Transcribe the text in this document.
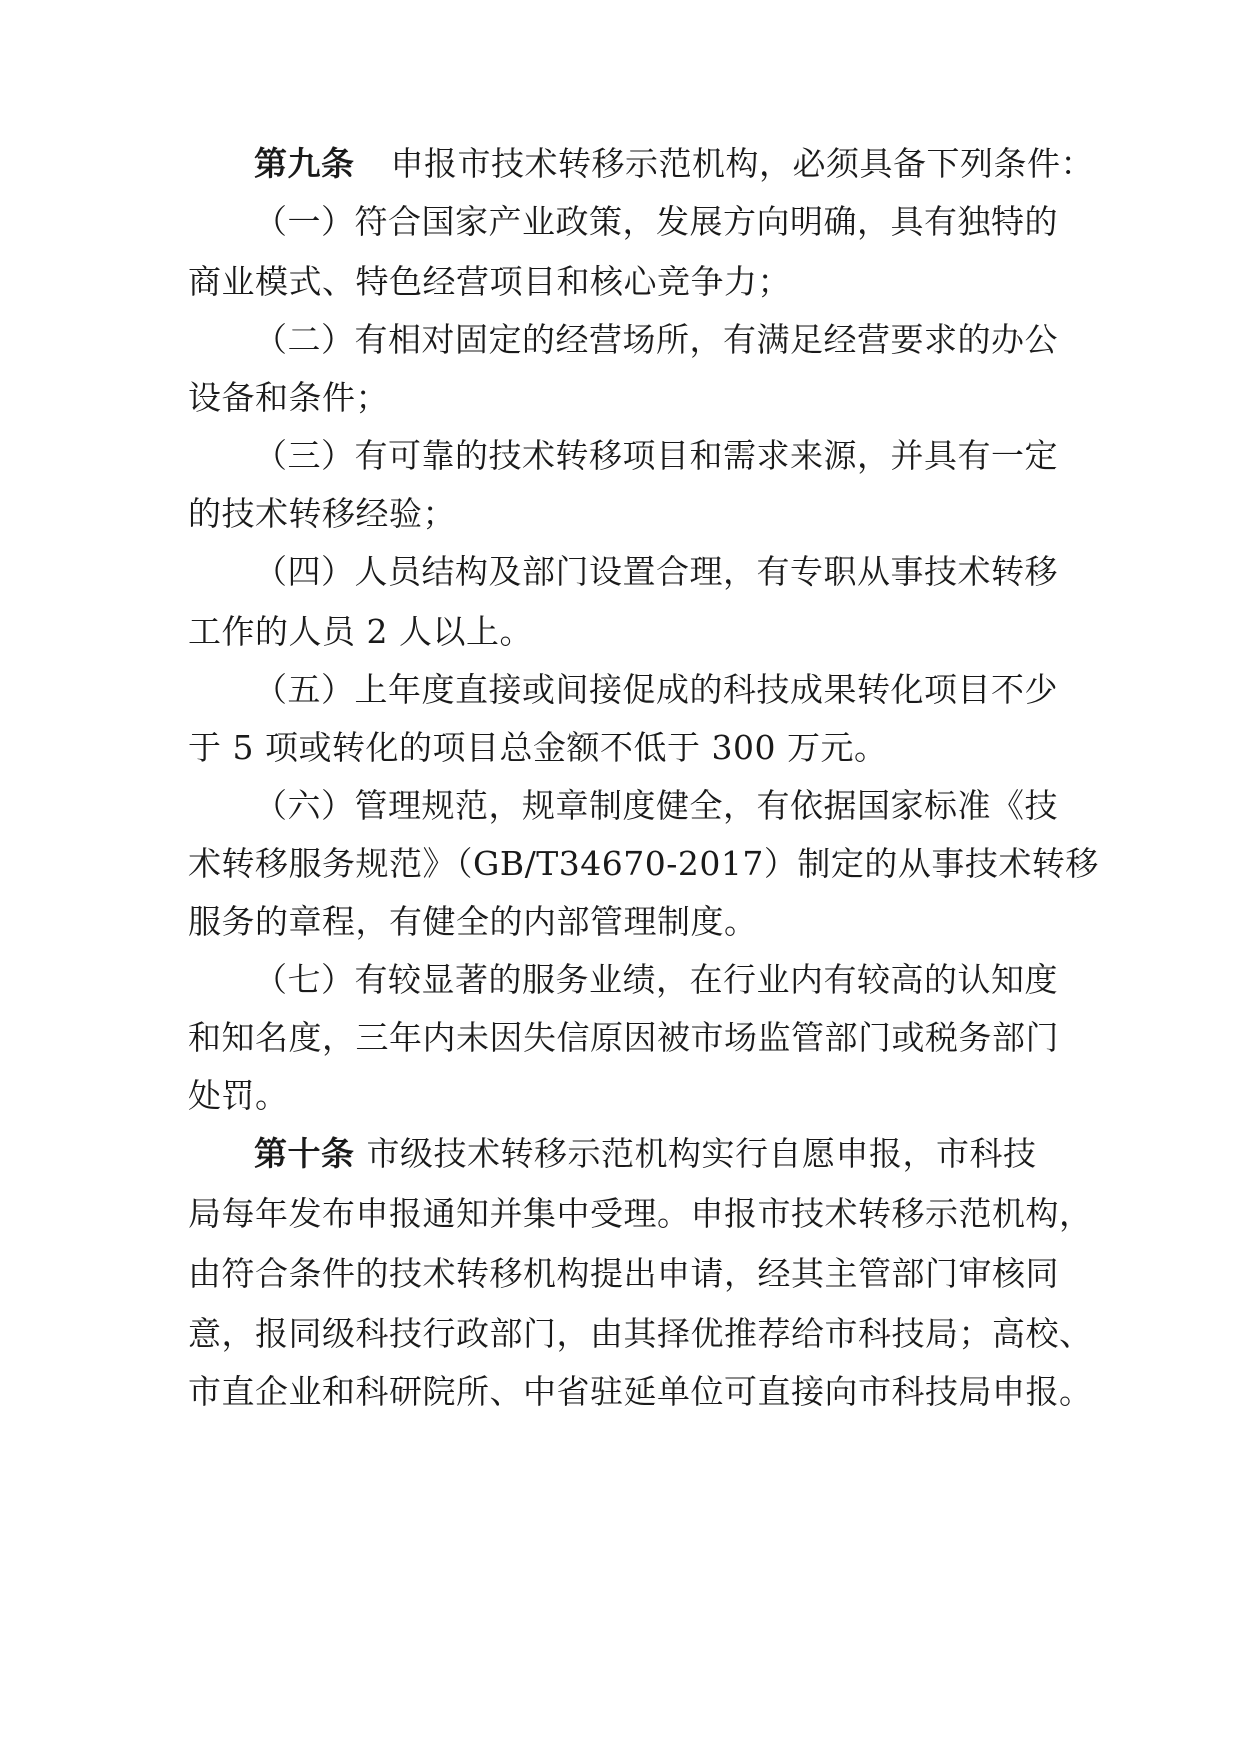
第九条 申报市技术转移示范机构，必须具备下列条件：
（一）符合国家产业政策，发展方向明确，具有独特的
商业模式、特色经营项目和核心竞争力；
（二）有相对固定的经营场所，有满足经营要求的办公
设备和条件；
（三）有可靠的技术转移项目和需求来源，并具有一定
的技术转移经验；
（四）人员结构及部门设置合理，有专职从事技术转移
工作的人员 2 人以上。
（五）上年度直接或间接促成的科技成果转化项目不少
于 5 项或转化的项目总金额不低于 300 万元。
（六）管理规范，规章制度健全，有依据国家标准《技
术转移服务规范》（GB/T34670-2017）制定的从事技术转移
服务的章程，有健全的内部管理制度。
（七）有较显著的服务业绩，在行业内有较高的认知度
和知名度，三年内未因失信原因被市场监管部门或税务部门
处罚。
第十条 市级技术转移示范机构实行自愿申报，市科技
局每年发布申报通知并集中受理。申报市技术转移示范机构，
由符合条件的技术转移机构提出申请，经其主管部门审核同
意，报同级科技行政部门，由其择优推荐给市科技局；高校、
市直企业和科研院所、中省驻延单位可直接向市科技局申报。
